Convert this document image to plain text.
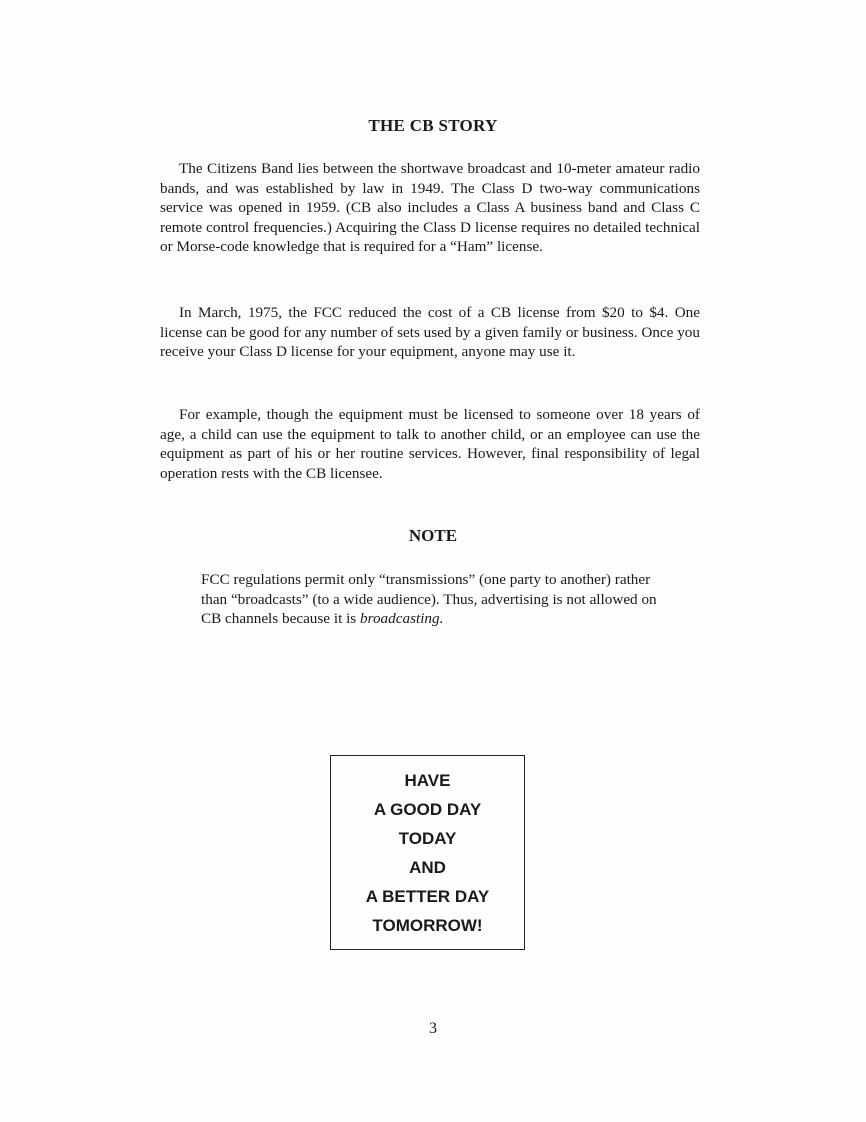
THE CB STORY

The Citizens Band lies between the shortwave broadcast and 10-meter amateur radio bands, and was established by law in 1949. The Class D two-way communications service was opened in 1959. (CB also includes a Class A business band and Class C remote control frequencies.) Acquiring the Class D license requires no detailed technical or Morse-code knowledge that is required for a “Ham” license.

In March, 1975, the FCC reduced the cost of a CB license from $20 to $4. One license can be good for any number of sets used by a given family or business. Once you receive your Class D license for your equipment, anyone may use it.

For example, though the equipment must be licensed to someone over 18 years of age, a child can use the equipment to talk to another child, or an employee can use the equipment as part of his or her routine services. However, final responsibility of legal operation rests with the CB licensee.

NOTE

FCC regulations permit only “transmissions” (one party to another) rather than “broadcasts” (to a wide audience). Thus, advertising is not allowed on CB channels because it is broadcasting.

HAVE
A GOOD DAY
TODAY
AND
A BETTER DAY
TOMORROW!

3
